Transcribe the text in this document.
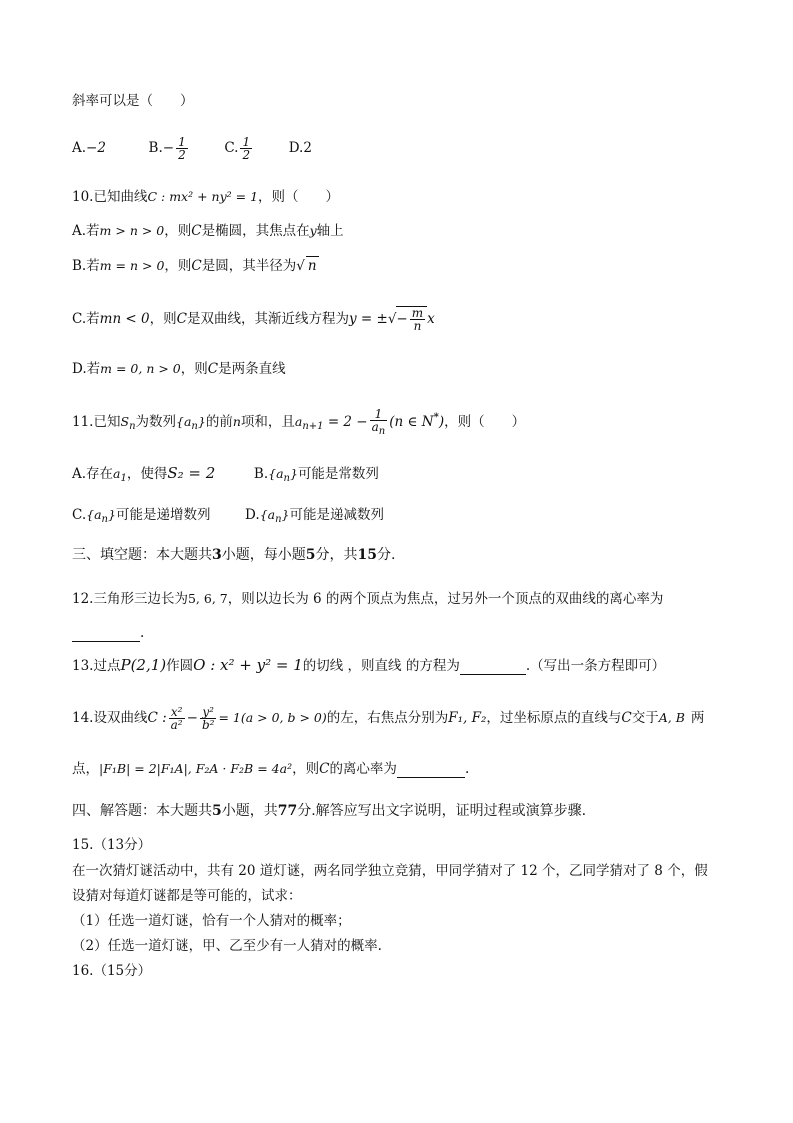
斜率可以是（　　）
A.−2	$B.- \frac{1}{2}$	C. $\frac{1}{2}$	D.2
10.已知曲线C : mx² + ny² = 1，则（　　）
A.若m > n > 0，则C是椭圆，其焦点在y轴上
B.若m = n > 0，则C是圆，其半径为√ n
C.若mn < 0，则C是双曲线，其渐近线方程为y = ±√− $\frac{m}{n}$ x
D.若m = 0, n > 0，则C是两条直线
11.已知$S_n$为数列$\{a_n\}$的前n项和，且$a_{n+1} = 2 - \frac{1}{a_n} (n$ ∈ N*)，则（　　）
A.存在$a_1$，使得S₂ = 2	$B.\{a_n\}$可能是常数列
$C.\{a_n\}$可能是递增数列	$D.\{a_n\}$可能是递减数列
三、填空题：本大题共3小题，每小题5分，共15分.
12.三角形三边长为5, 6, 7，则以边长为 6 的两个顶点为焦点，过另外一个顶点的双曲线的离心率为
.
13.过点P(2,1)作圆O : x² + y² = 1的切线 ，则直线 的方程为	.（写出一条方程即可）
14.设双曲线C : $\frac{\text{x²}}{\text{a²}} - \frac{\text{y²}}{\text{b²}} = 1(a > 0$, b > 0)的左，右焦点分别为F₁, F₂，过坐标原点的直线与C交于A, B 两
点，|F₁B| = 2|F₁A|, F₂A · F₂B = 4a²，则C的离心率为	.
四、解答题：本大题共5小题，共77分.解答应写出文字说明，证明过程或演算步骤.
15.（13分）
在一次猜灯谜活动中，共有 20 道灯谜，两名同学独立竞猜，甲同学猜对了 12 个，乙同学猜对了 8 个，假
设猜对每道灯谜都是等可能的，试求：
（1）任选一道灯谜，恰有一个人猜对的概率；
（2）任选一道灯谜，甲、乙至少有一人猜对的概率.
16.（15分）
